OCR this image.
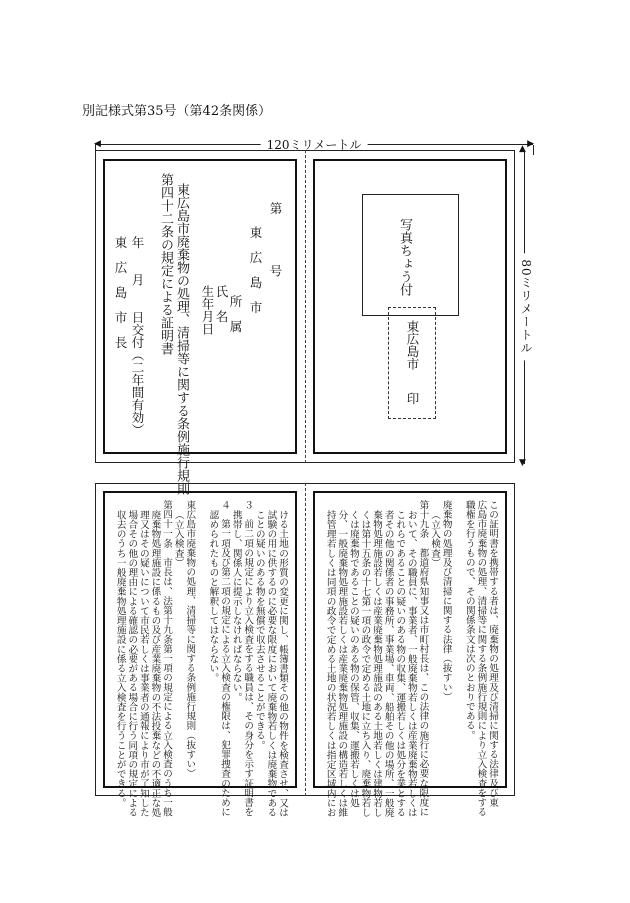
別記様式第35号（第42条関係）
◀	▶
120ミリメートル
80ミリメートル
▲
▼
第　　　　号
東　広　島　市
所　属
氏　名
生年月日
東広島市廃棄物の処理、清掃等に関する条例施行規則
第四十二条の規定による証明書
年　　月　　日交付（二年間有効）
東　広　島　市　長	写真ちょう付
東広島市
印

この証明書を携帯する者は、廃棄物の処理及び清掃に関する法律及び東

広島市廃棄物の処理、清掃等に関する条例施行規則により立入検査をする

職権を行うもので、その関係条文は次のとおりである。

廃棄物の処理及び清掃に関する法律（抜すい）

（立入検査）

第十九条　都道府県知事又は市町村長は、この法律の施行に必要な限度に

おいて、その職員に、事業者、一般廃棄物若しくは産業廃棄物若しくは

これらであることの疑いのある物の収集、運搬若しくは処分を業とする

者その他の関係者の事務所、事業場、車両、船舶その他の場所、一般廃

棄物処理施設若しくは産業廃棄物処理施設のある土地若しくは建物若し

くは第十五条の十七第一項の政令で定める土地に立ち入り、廃棄物若し

くは廃棄物であることの疑いのある物の保管、収集、運搬若しくは処

分、一般廃棄物処理施設若しくは産業廃棄物処理施設の構造若しくは維

持管理若しくは同項の政令で定める土地の状況若しくは指定区域内にお

ける土地の形質の変更に関し、帳簿書類その他の物件を検査させ、又は

試験の用に供するのに必要な限度において廃棄物若しくは廃棄物である

ことの疑いのある物を無償で収去させることができる。

３　前二項の規定により立入検査をする職員は、その身分を示す証明書を

携帯し、関係人に提示しなければならない。

４　第一項及び第二項の規定による立入検査の権限は、犯罪捜査のために

認められたものと解釈してはならない。

東広島市廃棄物の処理、清掃等に関する条例施行規則（抜すい）

（立入検査）

第四十一条　市長は、法第十九条第一項の規定による立入検査のうち一般

廃棄物処理施設に係るもの及び産業廃棄物の不法投棄などの不適正な処

理又はその疑いについて市民若しくは事業者の通報により市が了知した

場合その他の理由による確認の必要がある場合に行う同項の規定による

収去のうち一般廃棄物処理施設に係る立入検査を行うことができる。
